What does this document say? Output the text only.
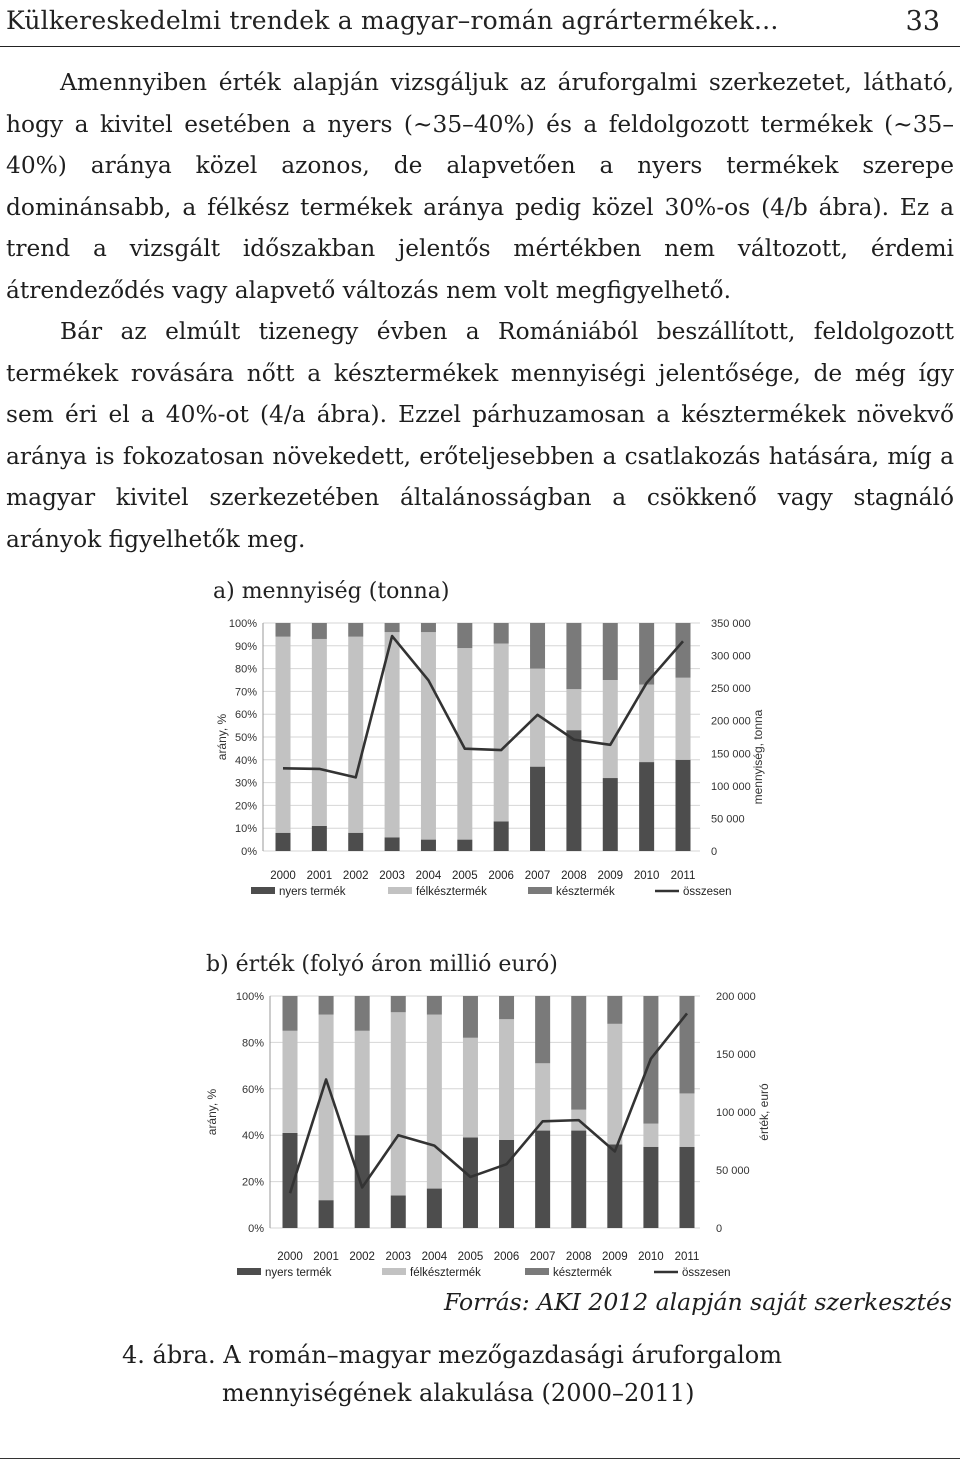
Külkereskedelmi trendek a magyar–román agrártermékek...	33

Amennyiben érték alapján vizsgáljuk az áruforgalmi szerkezetet, látható, hogy a kivitel esetében a nyers (~35–40%) és a feldolgozott termékek (~35–40%) aránya közel azonos, de alapvetően a nyers termékek szerepe dominánsabb, a félkész termékek aránya pedig közel 30%-os (4/b ábra). Ez a trend a vizsgált időszakban jelentős mértékben nem változott, érdemi átrendeződés vagy alapvető változás nem volt megfigyelhető.

Bár az elmúlt tizenegy évben a Romániából beszállított, feldolgozott termékek rovására nőtt a késztermékek mennyiségi jelentősége, de még így sem éri el a 40%-ot (4/a ábra). Ezzel párhuzamosan a késztermékek növekvő aránya is fokozatosan növekedett, erőteljesebben a csatlakozás hatására, míg a magyar kivitel szerkezetében általánosságban a csökkenő vagy stagnáló arányok figyelhetők meg.

a) mennyiség (tonna)
0%
10%
20%
30%
40%
50%
60%
70%
80%
90%
100%
0
50 000
100 000
150 000
200 000
250 000
300 000
350 000
2000 2001 2002 2003 2004 2005 2006 2007 2008 2009 2010 2011
arány, %	mennyiség, tonna
nyers termék	félkésztermék	késztermék	összesen
b) érték (folyó áron millió euró)
0%
20%
40%
60%
80%
100%
0
50 000
100 000
150 000
200 000
2000 2001 2002 2003 2004 2005 2006 2007 2008 2009 2010 2011
arány, %	érték, euró
nyers termék	félkésztermék	késztermék	összesen
Forrás: AKI 2012 alapján saját szerkesztés
4. ábra. A román–magyar mezőgazdasági áruforgalom
mennyiségének alakulása (2000–2011)
